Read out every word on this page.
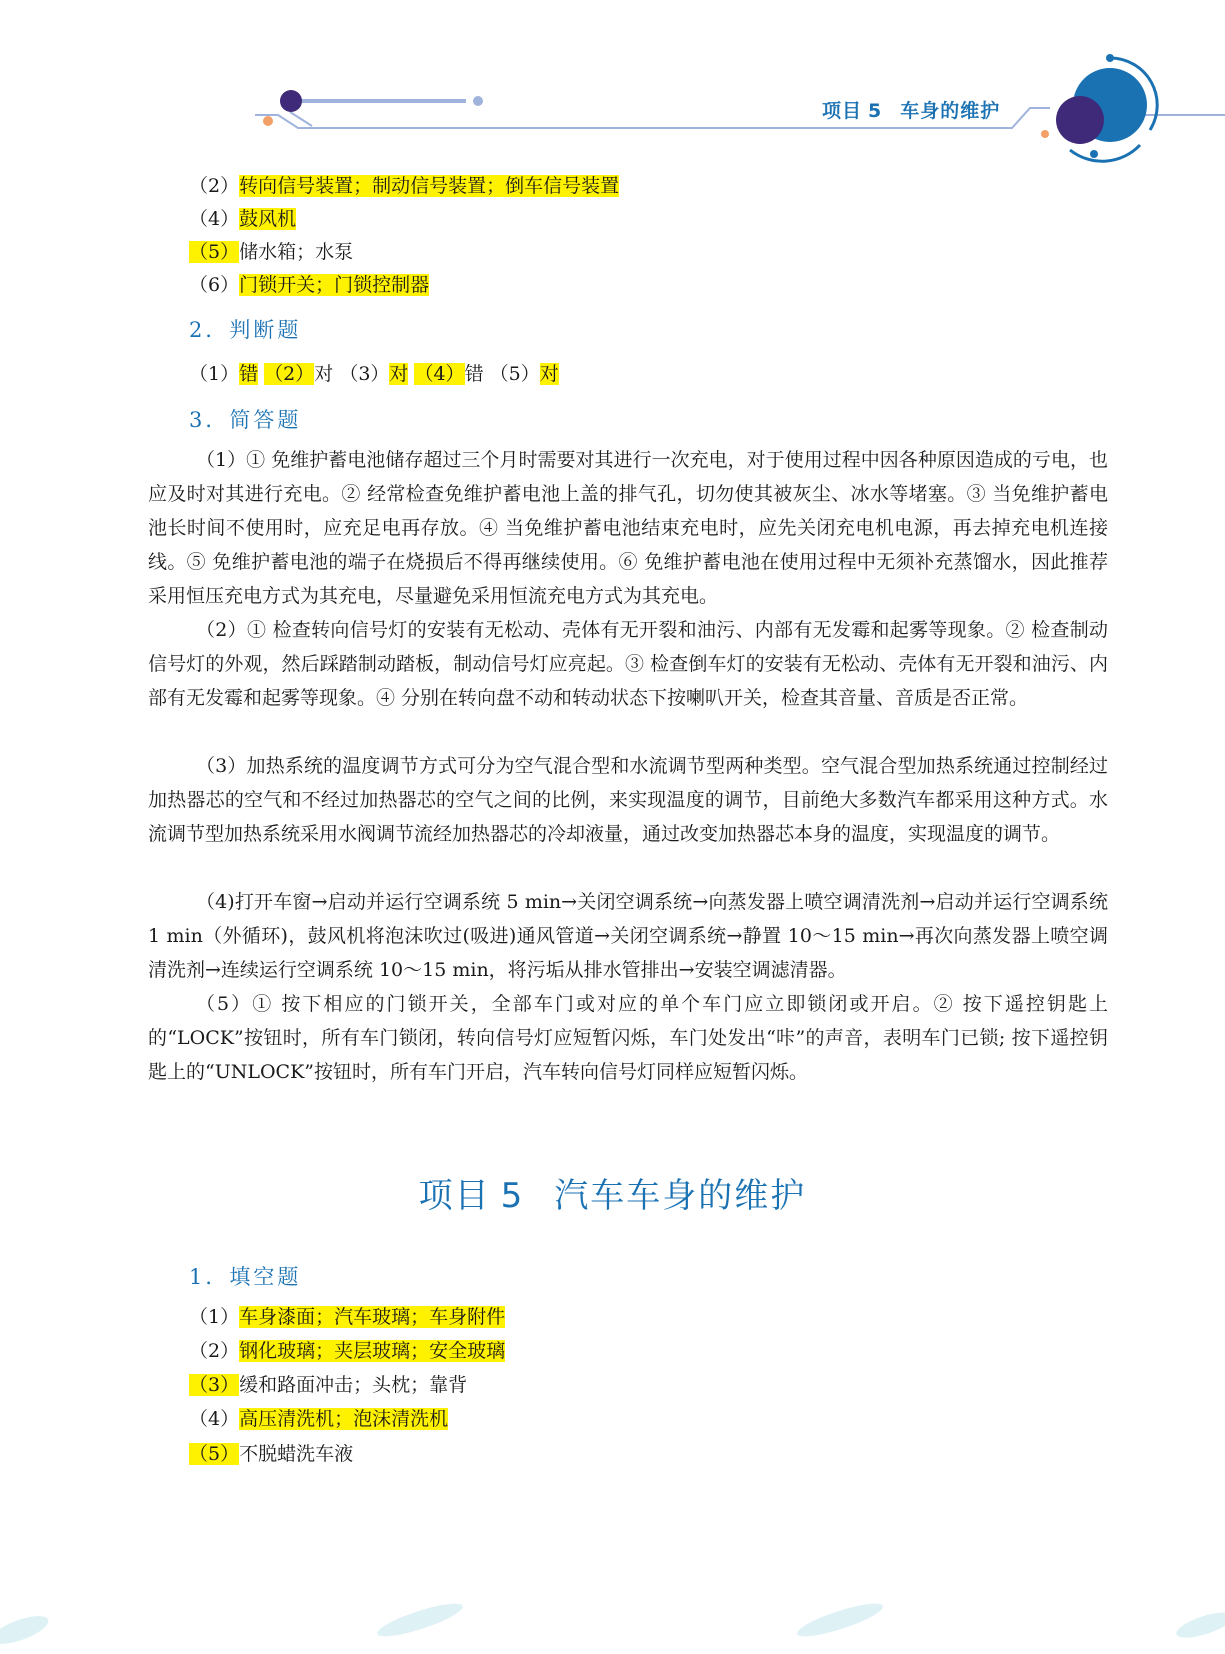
项目 5 车身的维护
（2）转向信号装置；制动信号装置；倒车信号装置
（4）鼓风机
（5）储水箱；水泵
（6）门锁开关；门锁控制器
2．判断题
（1）错 （2）对 （3）对 （4）错 （5）对
3．简答题

（1）① 免维护蓄电池储存超过三个月时需要对其进行一次充电，对于使用过程中因各种原因造成的亏电，也应及时对其进行充电。② 经常检查免维护蓄电池上盖的排气孔，切勿使其被灰尘、冰水等堵塞。③ 当免维护蓄电池长时间不使用时，应充足电再存放。④ 当免维护蓄电池结束充电时，应先关闭充电机电源，再去掉充电机连接线。⑤ 免维护蓄电池的端子在烧损后不得再继续使用。⑥ 免维护蓄电池在使用过程中无须补充蒸馏水，因此推荐采用恒压充电方式为其充电，尽量避免采用恒流充电方式为其充电。

（2）① 检查转向信号灯的安装有无松动、壳体有无开裂和油污、内部有无发霉和起雾等现象。② 检查制动信号灯的外观，然后踩踏制动踏板，制动信号灯应亮起。③ 检查倒车灯的安装有无松动、壳体有无开裂和油污、内部有无发霉和起雾等现象。④ 分别在转向盘不动和转动状态下按喇叭开关，检查其音量、音质是否正常。

（3）加热系统的温度调节方式可分为空气混合型和水流调节型两种类型。空气混合型加热系统通过控制经过加热器芯的空气和不经过加热器芯的空气之间的比例，来实现温度的调节，目前绝大多数汽车都采用这种方式。水流调节型加热系统采用水阀调节流经加热器芯的冷却液量，通过改变加热器芯本身的温度，实现温度的调节。

（4)打开车窗→启动并运行空调系统 5 min→关闭空调系统→向蒸发器上喷空调清洗剂→启动并运行空调系统 1 min（外循环)，鼓风机将泡沫吹过(吸进)通风管道→关闭空调系统→静置 10～15 min→再次向蒸发器上喷空调清洗剂→连续运行空调系统 10～15 min，将污垢从排水管排出→安装空调滤清器。

（5）① 按下相应的门锁开关，全部车门或对应的单个车门应立即锁闭或开启。② 按下遥控钥匙上的“LOCK”按钮时，所有车门锁闭，转向信号灯应短暂闪烁，车门处发出“咔”的声音，表明车门已锁; 按下遥控钥匙上的“UNLOCK”按钮时，所有车门开启，汽车转向信号灯同样应短暂闪烁。

项目 5 汽车车身的维护
1．填空题
（1）车身漆面；汽车玻璃；车身附件
（2）钢化玻璃；夹层玻璃；安全玻璃
（3）缓和路面冲击；头枕；靠背
（4）高压清洗机；泡沫清洗机
（5）不脱蜡洗车液
